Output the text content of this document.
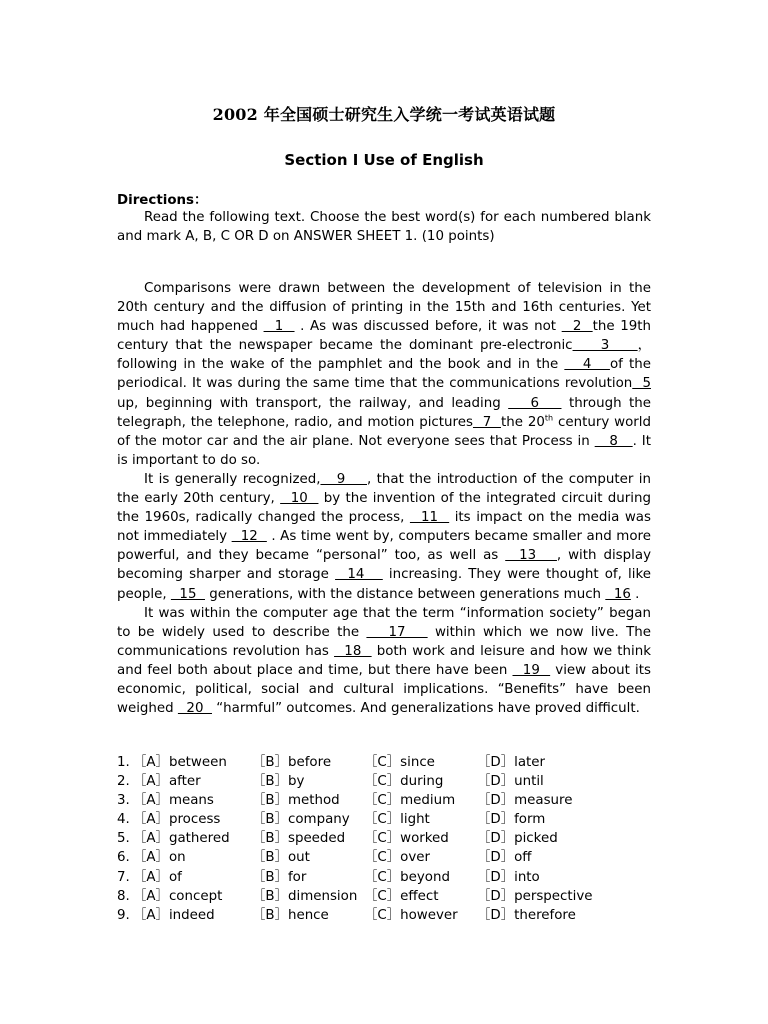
2002 年全国硕士研究生入学统一考试英语试题
Section I Use of English
Directions：
Read the following text. Choose the best word(s) for each numbered blank and mark A, B, C OR D on ANSWER SHEET 1. (10 points)

Comparisons were drawn between the development of television in the 20th century and the diffusion of printing in the 15th and 16th centuries. Yet much had happened   1   . As was discussed before, it was not   2  the 19th century that the newspaper became the dominant pre-electronic    3    ，following in the wake of the pamphlet and the book and in the    4   of the periodical. It was during the same time that the communications revolution  5 up, beginning with transport, the railway, and leading    6    through the telegraph, the telephone, radio, and motion pictures  7  the 20th century world of the motor car and the air plane. Not everyone sees that Process in    8   . It is important to do so.

It is generally recognized,   9    , that the introduction of the computer in the early 20th century,   10   by the invention of the integrated circuit during the 1960s, radically changed the process,   11   its impact on the media was not immediately   12   . As time went by, computers became smaller and more powerful, and they became “personal” too, as well as   13   , with display becoming sharper and storage   14    increasing. They were thought of, like people,   15   generations, with the distance between generations much   16 .

It was within the computer age that the term “information society” began to be widely used to describe the    17    within which we now live. The communications revolution has   18   both work and leisure and how we think and feel both about place and time, but there have been   19   view about its economic, political, social and cultural implications. “Benefits” have been weighed   20   “harmful” outcomes. And generalizations have proved difficult.

1. ［A］between ［B］before ［C］since	［D］later
2. ［A］after	［B］by	［C］during	［D］until
3. ［A］means	［B］method ［C］medium ［D］measure
4. ［A］process ［B］company ［C］light	［D］form
5. ［A］gathered ［B］speeded ［C］worked ［D］picked
6. ［A］on	［B］out	［C］over	［D］off
7. ［A］of	［B］for	［C］beyond ［D］into
8. ［A］concept ［B］dimension ［C］effect	［D］perspective
9. ［A］indeed	［B］hence	［C］however ［D］therefore
